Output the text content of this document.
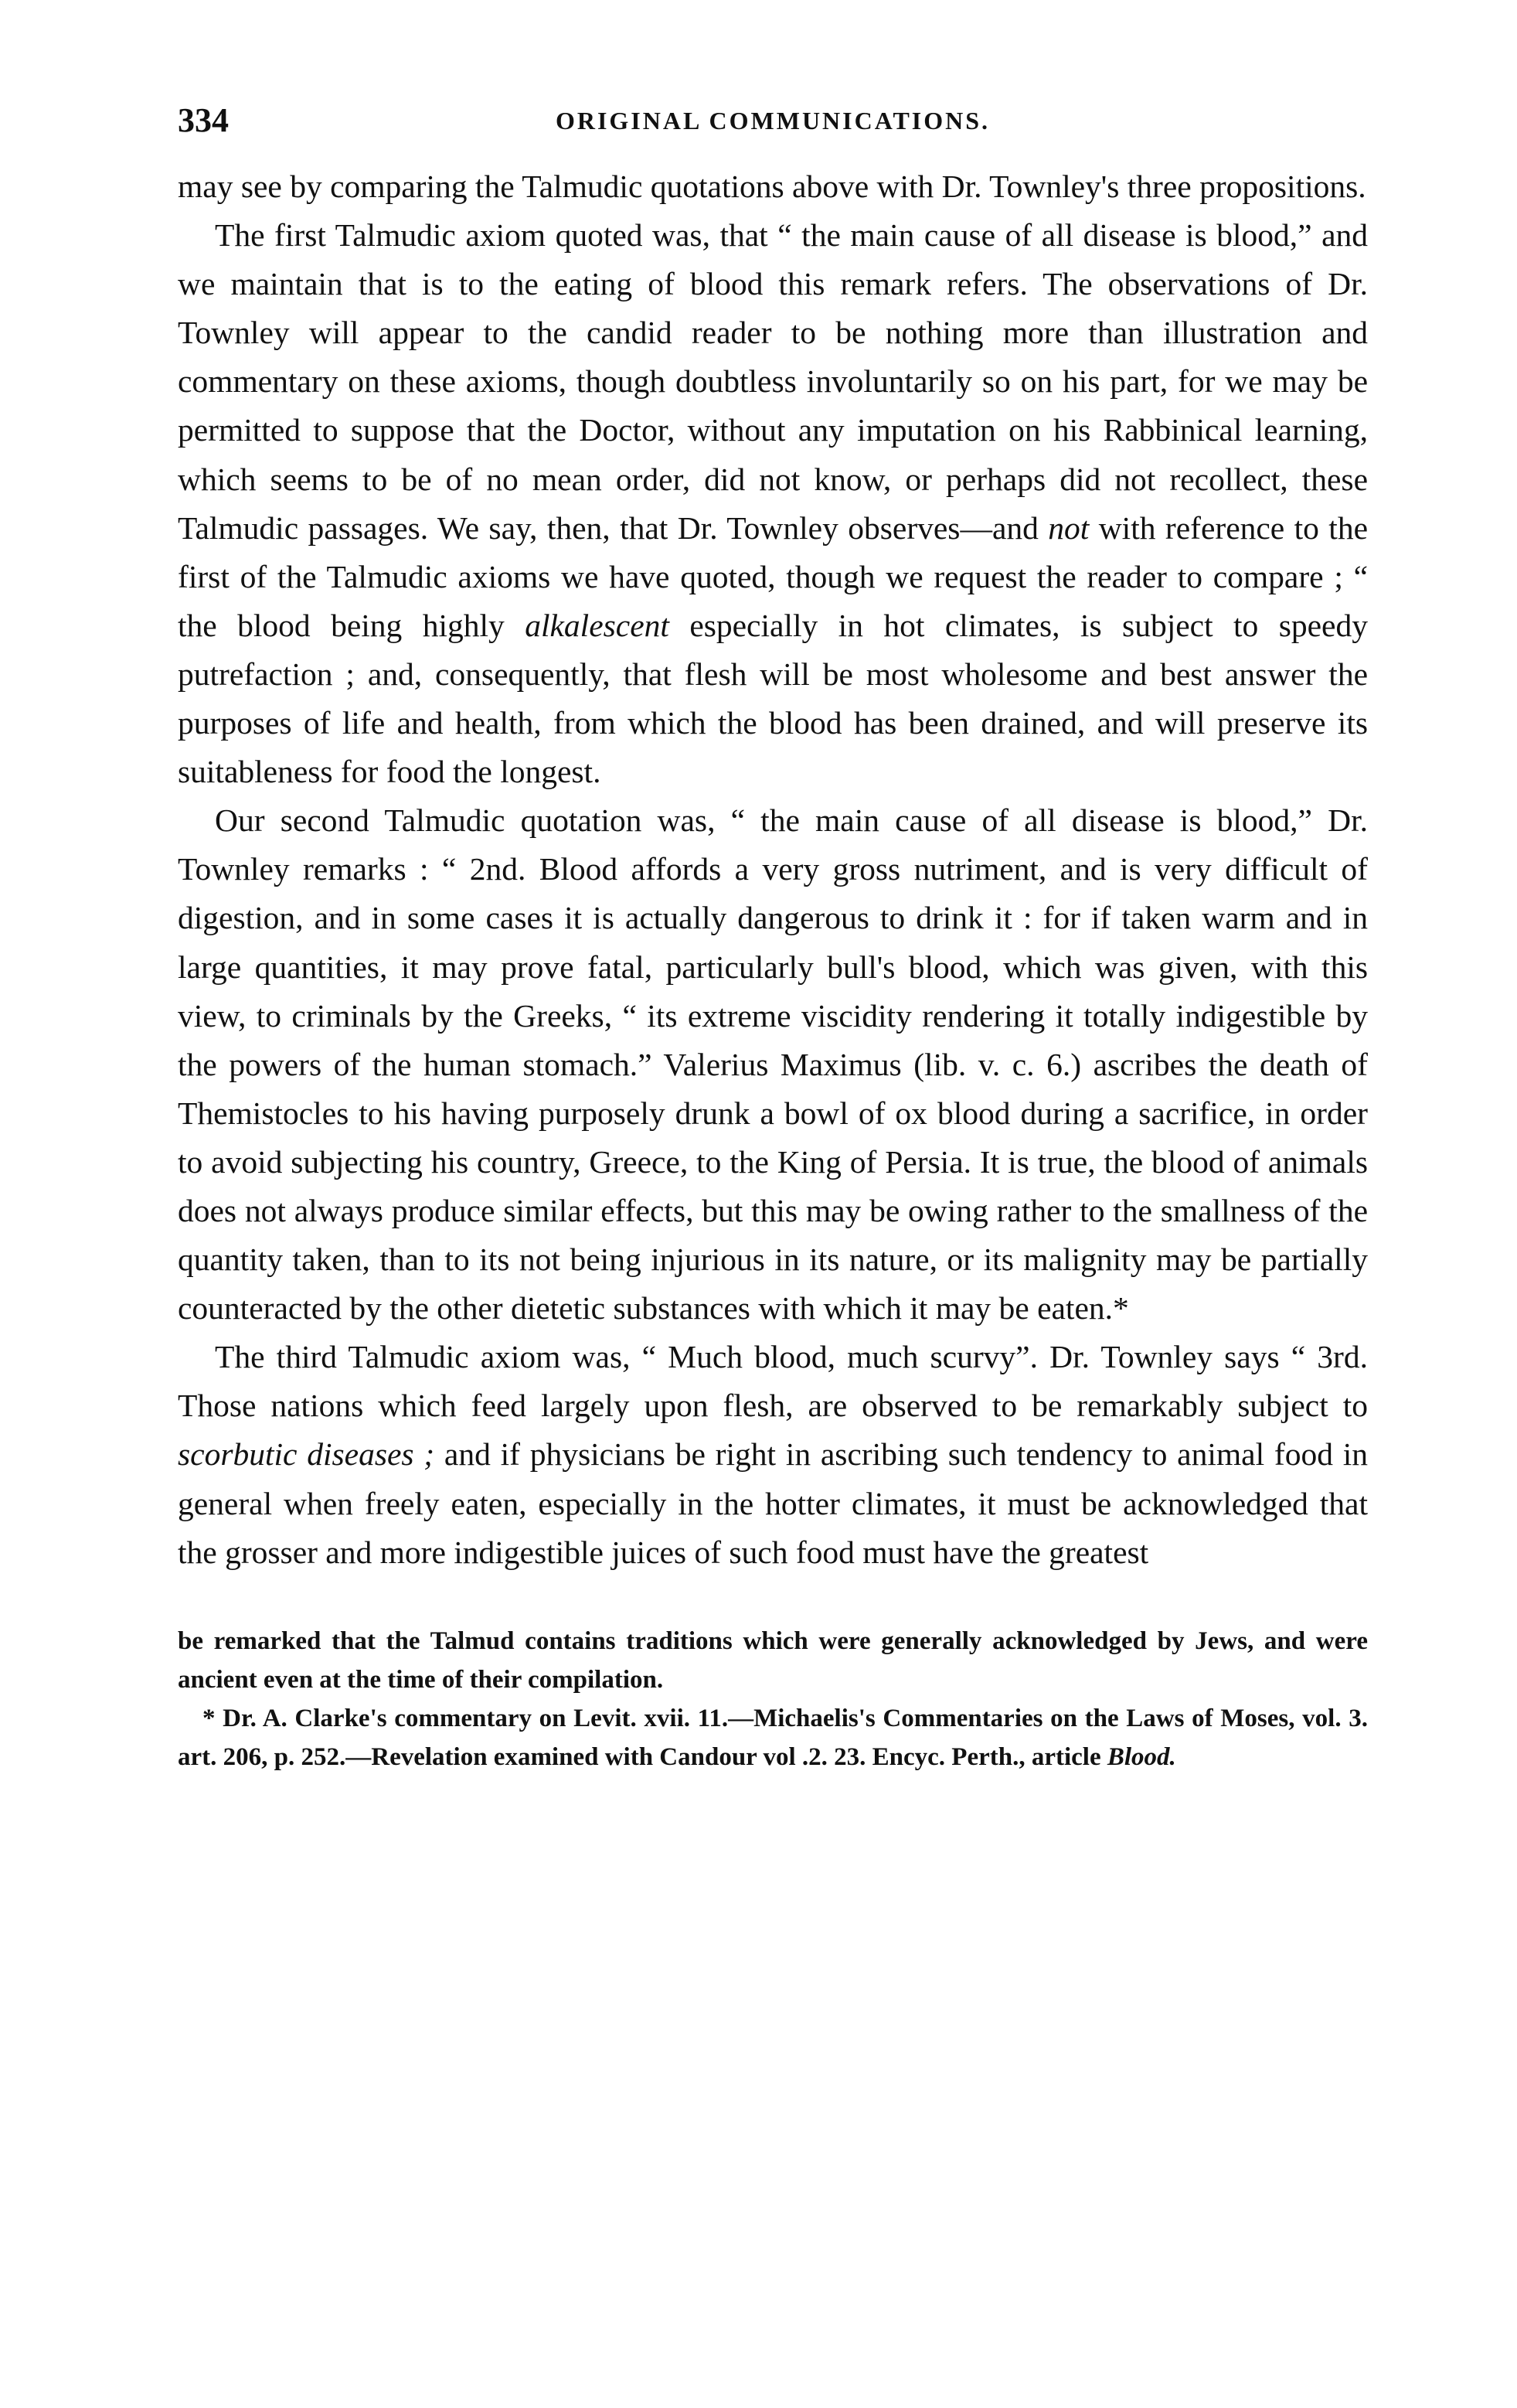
334	ORIGINAL COMMUNICATIONS.

may see by comparing the Talmudic quotations above with Dr. Townley's three propositions.

The first Talmudic axiom quoted was, that “ the main cause of all disease is blood,” and we maintain that is to the eating of blood this remark refers. The observations of Dr. Townley will appear to the candid reader to be nothing more than illustration and commentary on these axioms, though doubtless involuntarily so on his part, for we may be permitted to suppose that the Doctor, without any imputation on his Rabbinical learning, which seems to be of no mean order, did not know, or perhaps did not recollect, these Talmudic passages. We say, then, that Dr. Townley observes—and not with reference to the first of the Talmudic axioms we have quoted, though we request the reader to compare ; “ the blood being highly alkalescent especially in hot climates, is subject to speedy putrefaction ; and, consequently, that flesh will be most wholesome and best answer the purposes of life and health, from which the blood has been drained, and will preserve its suitableness for food the longest.

Our second Talmudic quotation was, “ the main cause of all disease is blood,” Dr. Townley remarks : “ 2nd. Blood affords a very gross nutriment, and is very difficult of digestion, and in some cases it is actually dangerous to drink it : for if taken warm and in large quantities, it may prove fatal, particularly bull's blood, which was given, with this view, to criminals by the Greeks, “ its extreme viscidity rendering it totally indigestible by the powers of the human stomach.” Valerius Maximus (lib. v. c. 6.) ascribes the death of Themistocles to his having purposely drunk a bowl of ox blood during a sacrifice, in order to avoid subjecting his country, Greece, to the King of Persia. It is true, the blood of animals does not always produce similar effects, but this may be owing rather to the smallness of the quantity taken, than to its not being injurious in its nature, or its malignity may be partially counteracted by the other dietetic substances with which it may be eaten.*

The third Talmudic axiom was, “ Much blood, much scurvy”. Dr. Townley says “ 3rd. Those nations which feed largely upon flesh, are observed to be remarkably subject to scorbutic diseases ; and if physicians be right in ascribing such tendency to animal food in general when freely eaten, especially in the hotter climates, it must be acknowledged that the grosser and more indigestible juices of such food must have the greatest

be remarked that the Talmud contains traditions which were generally acknowledged by Jews, and were ancient even at the time of their compilation.

* Dr. A. Clarke's commentary on Levit. xvii. 11.—Michaelis's Commentaries on the Laws of Moses, vol. 3. art. 206, p. 252.—Revelation examined with Candour vol .2. 23. Encyc. Perth., article Blood.
